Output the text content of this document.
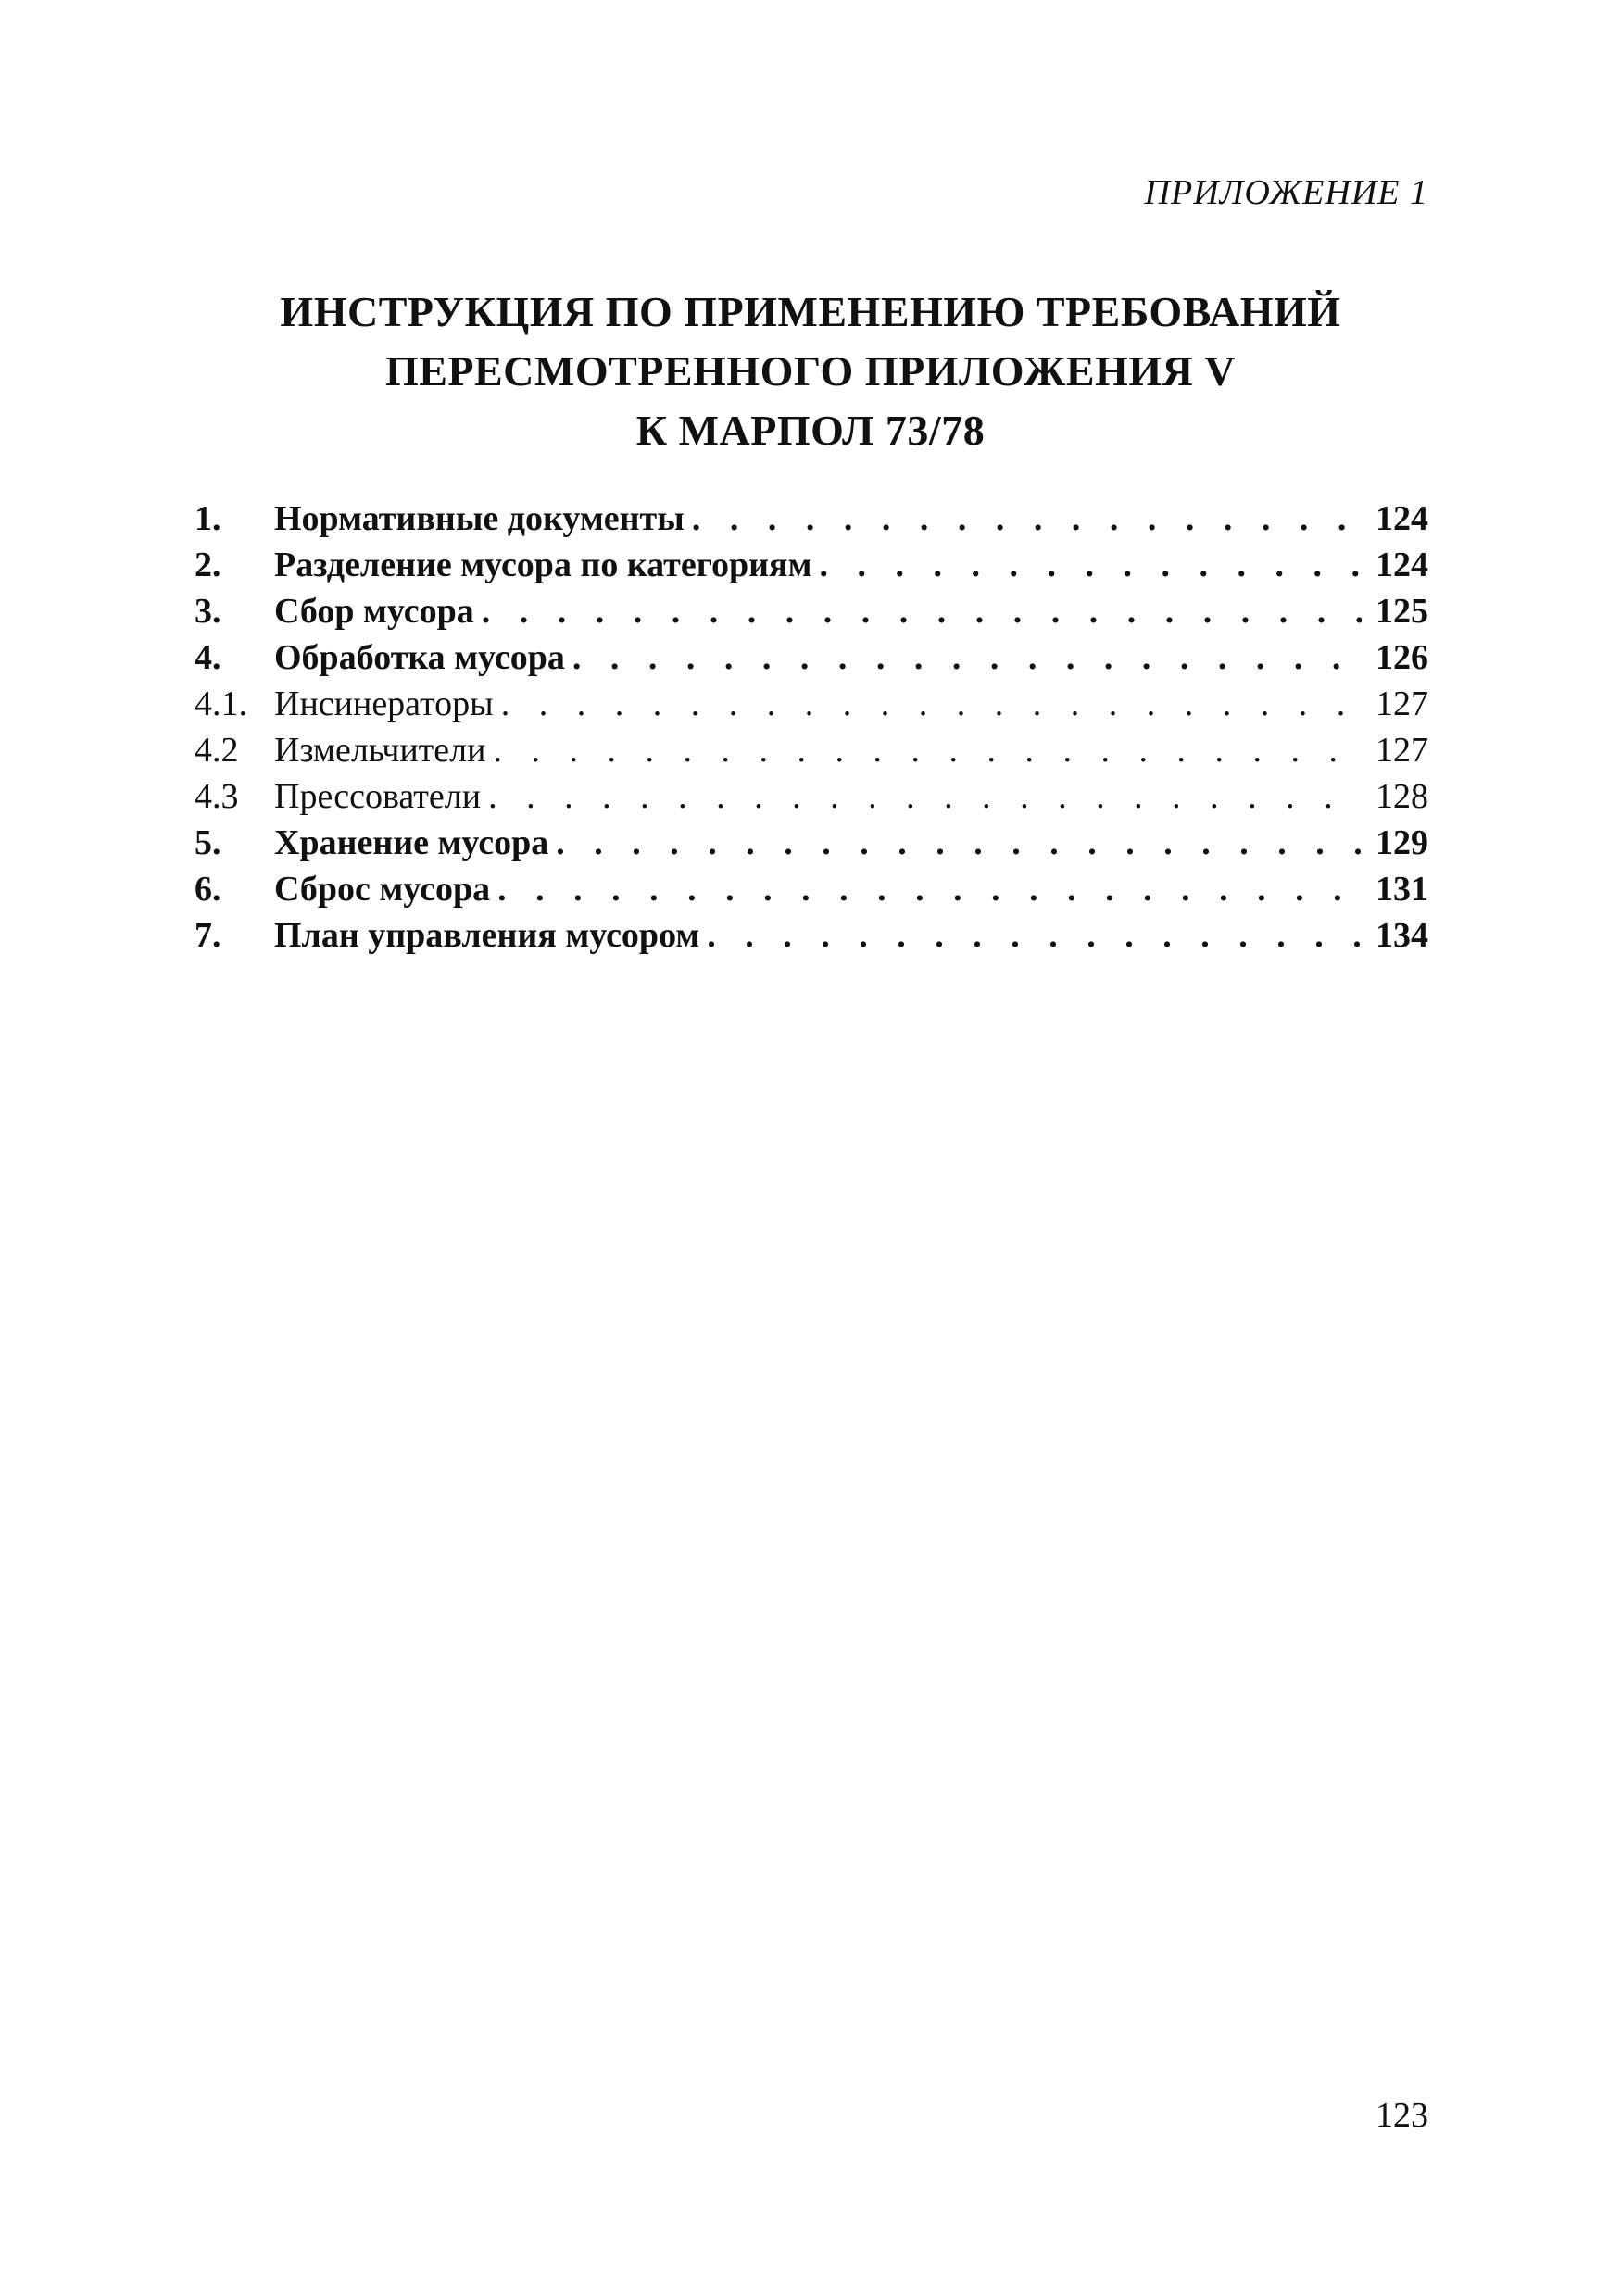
ПРИЛОЖЕНИЕ 1
ИНСТРУКЦИЯ ПО ПРИМЕНЕНИЮ ТРЕБОВАНИЙ
ПЕРЕСМОТРЕННОГО ПРИЛОЖЕНИЯ V
К МАРПОЛ 73/78
1.	Нормативные документы . . .	124
2.	Разделение мусора по категориям . . .	124
3.	Сбор мусора . . .	125
4.	Обработка мусора . . .	126
4.1. Инсинераторы . . .	127
4.2	Измельчители . . .	127
4.3	Прессователи . . .	128
5.	Хранение мусора . . .	129
6.	Сброс мусора . . .	131
7.	План управления мусором . . .	134
123
